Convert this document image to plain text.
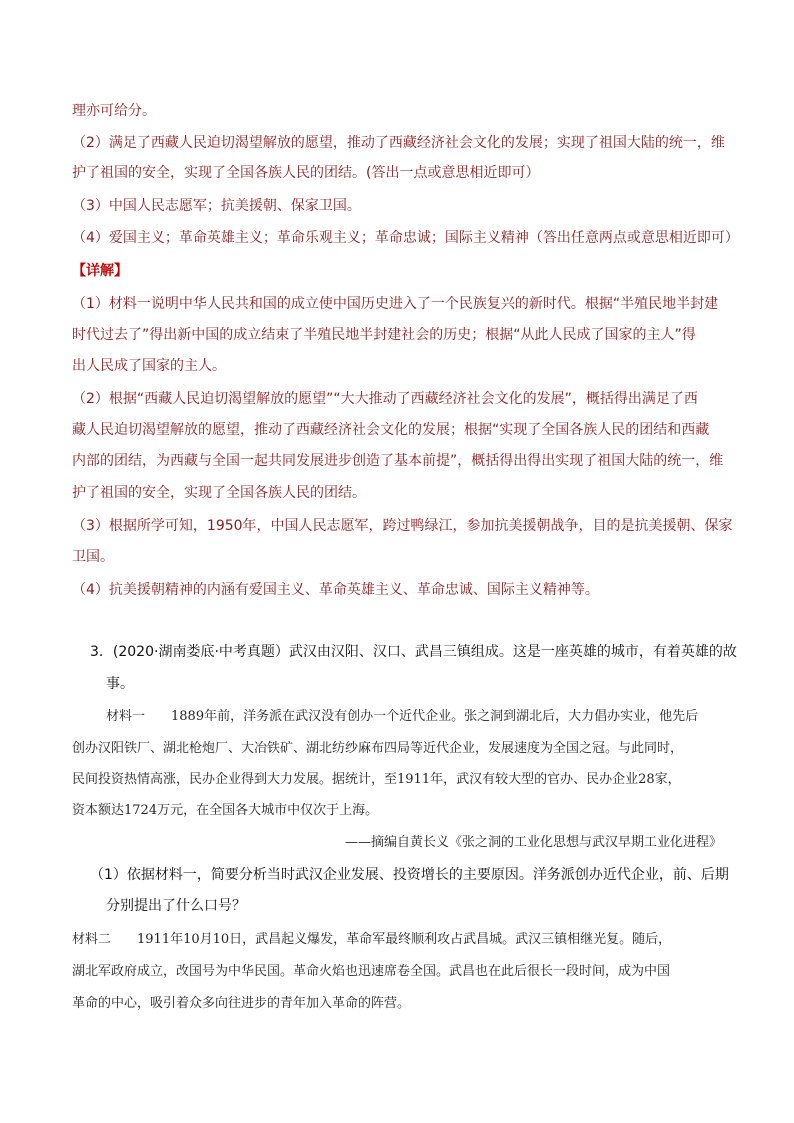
理亦可给分。
（2）满足了西藏人民迫切渴望解放的愿望，推动了西藏经济社会文化的发展；实现了祖国大陆的统一，维
护了祖国的安全，实现了全国各族人民的团结。(答出一点或意思相近即可）
（3）中国人民志愿军；抗美援朝、保家卫国。
（4）爱国主义；革命英雄主义；革命乐观主义；革命忠诚；国际主义精神（答出任意两点或意思相近即可）
【详解】
（1）材料一说明中华人民共和国的成立使中国历史进入了一个民族复兴的新时代。根据“半殖民地半封建
时代过去了”得出新中国的成立结束了半殖民地半封建社会的历史；根据“从此人民成了国家的主人”得
出人民成了国家的主人。
（2）根据“西藏人民迫切渴望解放的愿望”“大大推动了西藏经济社会文化的发展”，概括得出满足了西
藏人民迫切渴望解放的愿望，推动了西藏经济社会文化的发展；根据“实现了全国各族人民的团结和西藏
内部的团结，为西藏与全国一起共同发展进步创造了基本前提”，概括得出得出实现了祖国大陆的统一，维
护了祖国的安全，实现了全国各族人民的团结。
（3）根据所学可知，1950年，中国人民志愿军，跨过鸭绿江，参加抗美援朝战争，目的是抗美援朝、保家
卫国。
（4）抗美援朝精神的内涵有爱国主义、革命英雄主义、革命忠诚、国际主义精神等。
3．(2020·湖南娄底·中考真题）武汉由汉阳、汉口、武昌三镇组成。这是一座英雄的城市，有着英雄的故
事。
材料一　　1889年前，洋务派在武汉没有创办一个近代企业。张之洞到湖北后，大力倡办实业，他先后
创办汉阳铁厂、湖北枪炮厂、大冶铁矿、湖北纺纱麻布四局等近代企业，发展速度为全国之冠。与此同时，
民间投资热情高涨，民办企业得到大力发展。据统计，至1911年，武汉有较大型的官办、民办企业28家，
资本额达1724万元，在全国各大城市中仅次于上海。
——摘编自黄长义《张之洞的工业化思想与武汉早期工业化进程》
（1）依据材料一，简要分析当时武汉企业发展、投资增长的主要原因。洋务派创办近代企业，前、后期
分别提出了什么口号？
材料二　　1911年10月10日，武昌起义爆发，革命军最终顺利攻占武昌城。武汉三镇相继光复。随后，
湖北军政府成立，改国号为中华民国。革命火焰也迅速席卷全国。武昌也在此后很长一段时间，成为中国
革命的中心，吸引着众多向往进步的青年加入革命的阵营。
